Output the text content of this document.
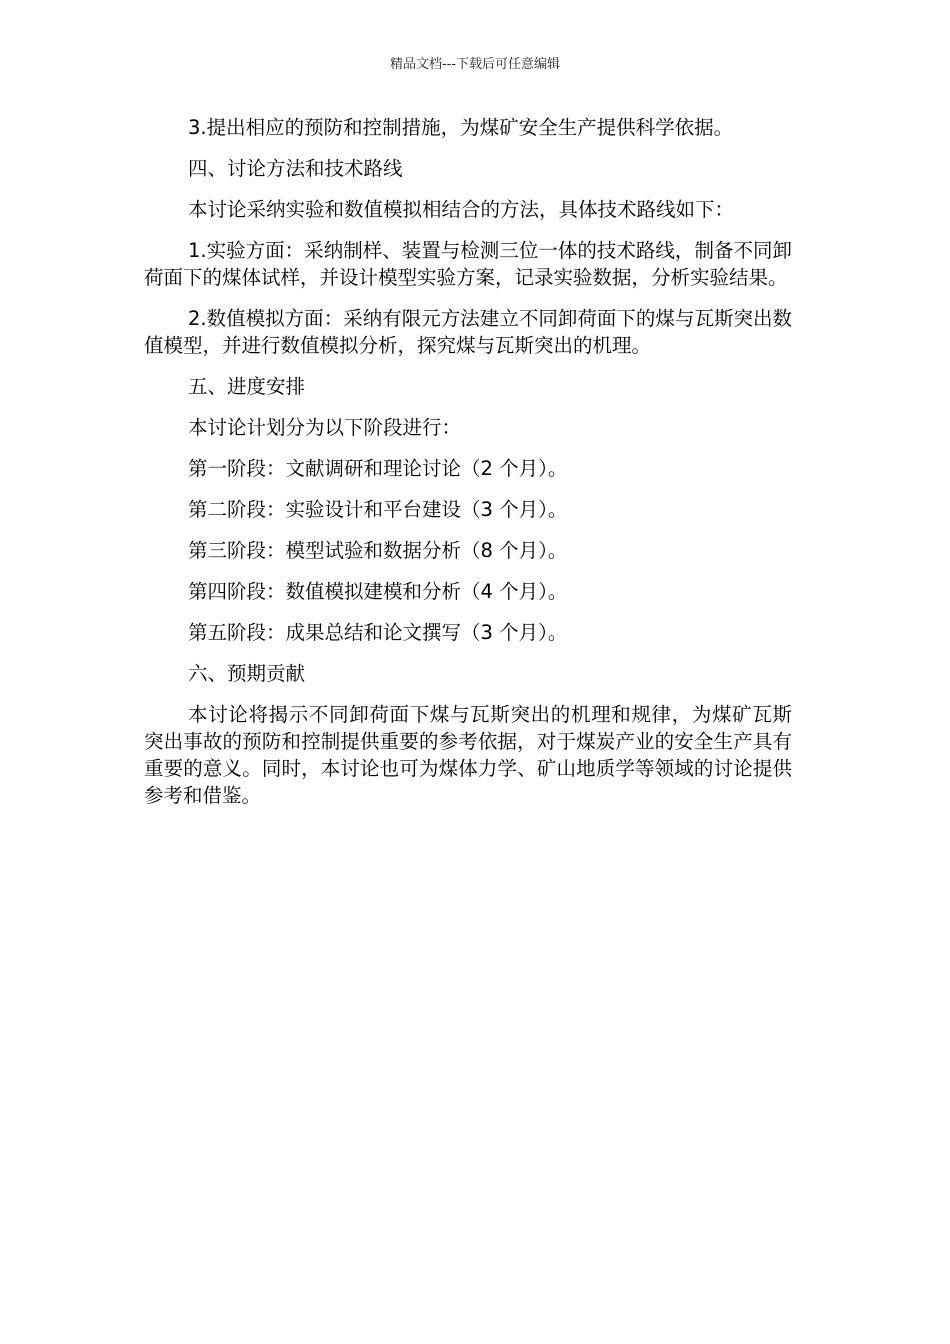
精品文档---下载后可任意编辑

3.提出相应的预防和控制措施，为煤矿安全生产提供科学依据。

四、讨论方法和技术路线

本讨论采纳实验和数值模拟相结合的方法，具体技术路线如下：

1.实验方面：采纳制样、装置与检测三位一体的技术路线，制备不同卸荷面下的煤体试样，并设计模型实验方案，记录实验数据，分析实验结果。

2.数值模拟方面：采纳有限元方法建立不同卸荷面下的煤与瓦斯突出数值模型，并进行数值模拟分析，探究煤与瓦斯突出的机理。

五、进度安排

本讨论计划分为以下阶段进行：

第一阶段：文献调研和理论讨论（2 个月）。

第二阶段：实验设计和平台建设（3 个月）。

第三阶段：模型试验和数据分析（8 个月）。

第四阶段：数值模拟建模和分析（4 个月）。

第五阶段：成果总结和论文撰写（3 个月）。

六、预期贡献

本讨论将揭示不同卸荷面下煤与瓦斯突出的机理和规律，为煤矿瓦斯突出事故的预防和控制提供重要的参考依据，对于煤炭产业的安全生产具有重要的意义。同时，本讨论也可为煤体力学、矿山地质学等领域的讨论提供参考和借鉴。
